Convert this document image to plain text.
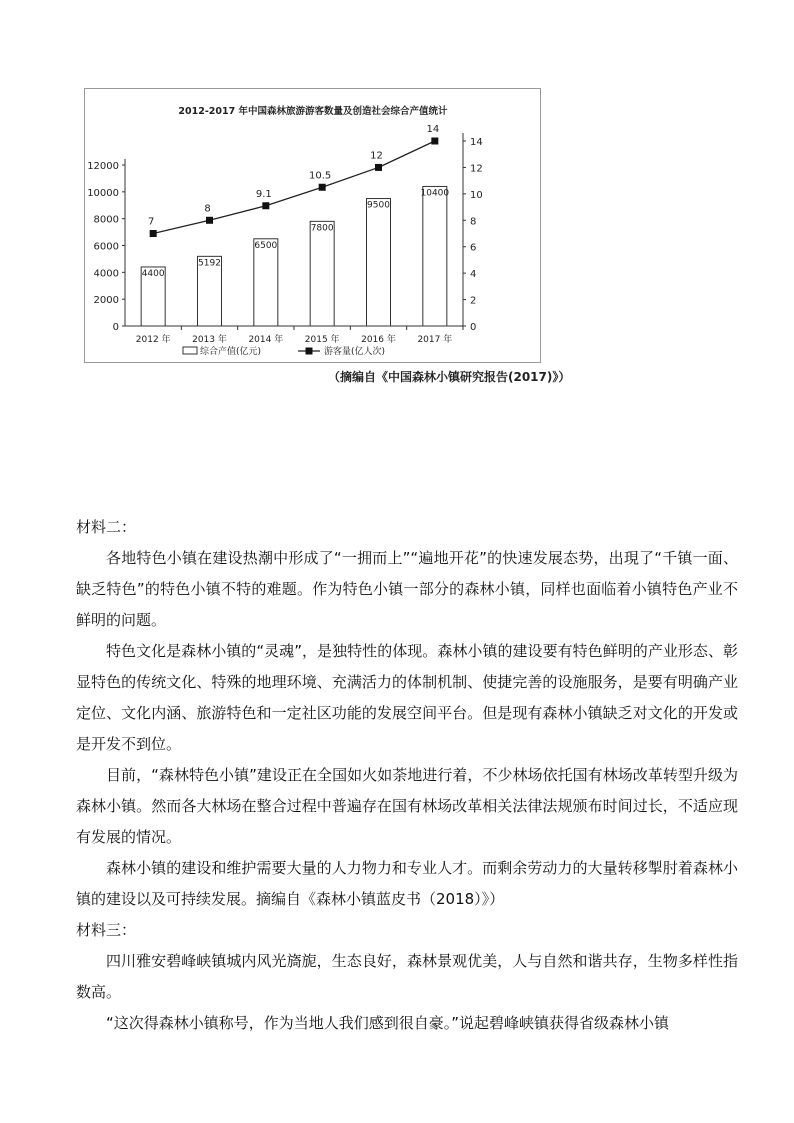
2012-2017 年中国森林旅游游客数量及创造社会综合产值统计
0
2000
4000
6000
8000
10000
12000
0
2
4
6
8
10
12
14
2012 年 2013 年 2014 年 2015 年 2016 年 2017 年
4400
5192
6500
7800
9500
10400
7
8
9.1
10.5
12
14
综合产值(亿元)	游客量(亿人次)
（摘编自《中国森林小镇研究报告(2017)》）

材料二：

各地特色小镇在建设热潮中形成了“一拥而上”“遍地开花”的快速发展态势，出現了“千镇一面、缺乏特色”的特色小镇不特的难题。作为特色小镇一部分的森林小镇，同样也面临着小镇特色产业不鲜明的问题。

特色文化是森林小镇的“灵魂”，是独特性的体现。森林小镇的建设要有特色鲜明的产业形态、彰显特色的传统文化、特殊的地理环境、充满活力的体制机制、使捷完善的设施服务，是要有明确产业定位、文化内涵、旅游特色和一定社区功能的发展空间平台。但是现有森林小镇缺乏对文化的开发或是开发不到位。

目前，“森林特色小镇”建设正在全国如火如荼地进行着，不少林场依托国有林场改革转型升级为森林小镇。然而各大林场在整合过程中普遍存在国有林场改革相关法律法规颁布时间过长，不适应现有发展的情况。

森林小镇的建设和维护需要大量的人力物力和专业人才。而剩余劳动力的大量转移掣肘着森林小镇的建设以及可持续发展。摘编自《森林小镇蓝皮书（2018）》）

材料三：

四川雅安碧峰峡镇城内风光旖旎，生态良好，森林景观优美，人与自然和谐共存，生物多样性指数高。

“这次得森林小镇称号，作为当地人我们感到很自豪。”说起碧峰峡镇获得省级森林小镇
